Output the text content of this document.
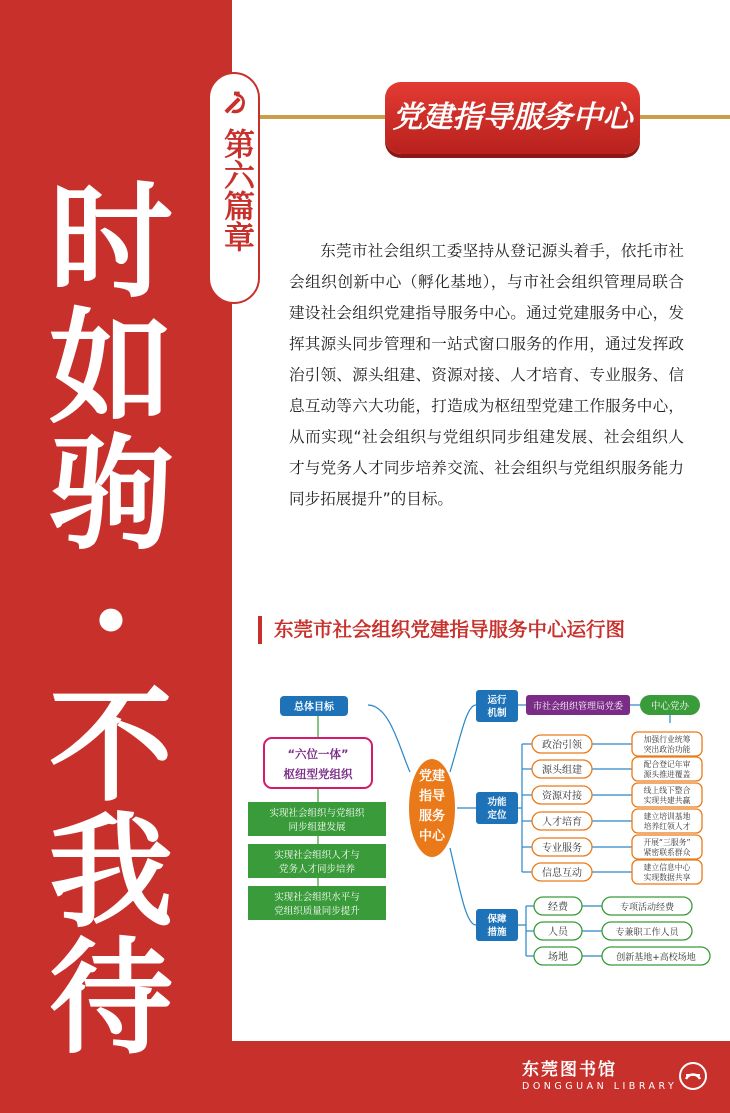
第六篇章
时
如
驹
·
不
我
待
党建指导服务中心
东莞市社会组织工委坚持从登记源头着手，依托市社会组织创新中心（孵化基地），与市社会组织管理局联合建设社会组织党建指导服务中心。通过党建服务中心，发挥其源头同步管理和一站式窗口服务的作用，通过发挥政治引领、源头组建、资源对接、人才培育、专业服务、信息互动等六大功能，打造成为枢纽型党建工作服务中心，从而实现“社会组织与党组织同步组建发展、社会组织人才与党务人才同步培养交流、社会组织与党组织服务能力同步拓展提升”的目标。
东莞市社会组织党建指导服务中心运行图
总体目标
“六位一体”
枢纽型党组织
实现社会组织与党组织
同步组建发展
实现社会组织人才与
党务人才同步培养
实现社会组织水平与
党组织质量同步提升
党建
指导
服务
中心
运行
机制
功能
定位
保障
措施
市社会组织管理局党委	中心党办
政治引领
加强行业统筹
突出政治功能
源头组建
配合登记年审
源头推进覆盖
资源对接
线上线下整合
实现共建共赢
人才培育
建立培训基地
培养红领人才
专业服务
开展“三服务”
紧密联系群众
信息互动
建立信息中心
实现数据共享
经费	专项活动经费
人员	专兼职工作人员
场地	创新基地+高校场地
东莞图书馆
DONGGUAN LIBRARY
